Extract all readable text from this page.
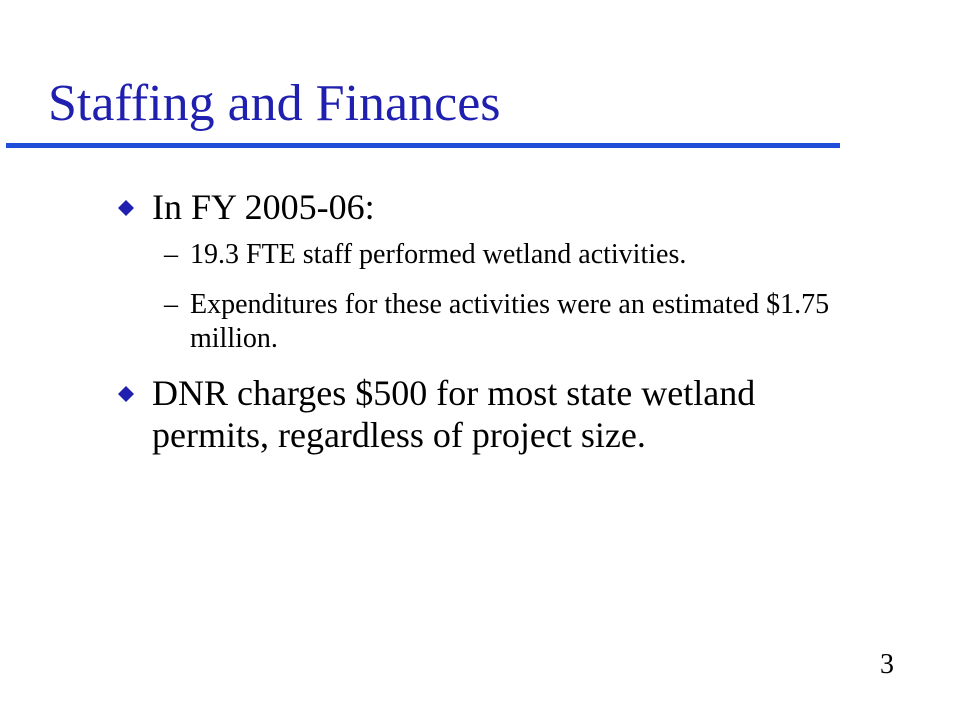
Staffing and Finances
In FY 2005-06:
– 19.3 FTE staff performed wetland activities.
– Expenditures for these activities were an estimated $1.75 million.
DNR charges $500 for most state wetland permits, regardless of project size.
3
